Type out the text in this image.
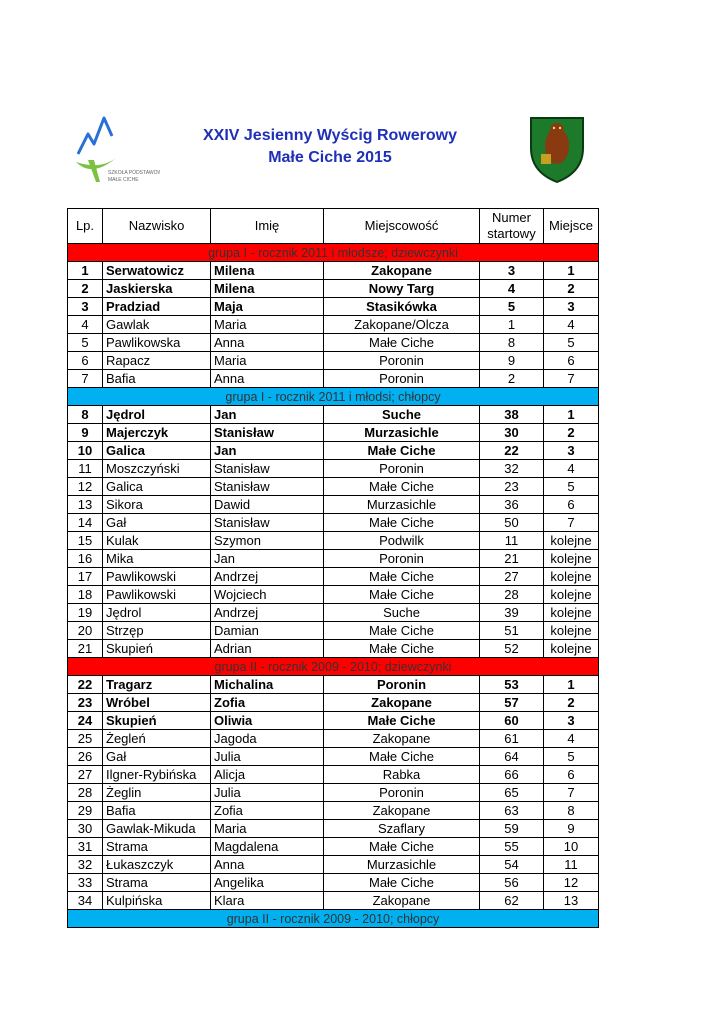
SZKOŁA PODSTAWOWA
MAŁE CICHE
XXIV Jesienny Wyścig Rowerowy
Małe Ciche 2015
Lp.	Nazwisko	Imię	Miejscowość	Numer
startowy	Miejsce
grupa I - rocznik 2011 i młodsze; dziewczynki					
1	Serwatowicz	Milena	Zakopane	3	1
2	Jaskierska	Milena	Nowy Targ	4	2
3	Pradziad	Maja	Stasikówka	5	3
4	Gawlak	Maria	Zakopane/Olcza	1	4
5	Pawlikowska	Anna	Małe Ciche	8	5
6	Rapacz	Maria	Poronin	9	6
7	Bafia	Anna	Poronin	2	7
grupa I - rocznik 2011 i młodsi; chłopcy					
8	Jędrol	Jan	Suche	38	1
9	Majerczyk	Stanisław	Murzasichle	30	2
10	Galica	Jan	Małe Ciche	22	3
11	Moszczyński	Stanisław	Poronin	32	4
12	Galica	Stanisław	Małe Ciche	23	5
13	Sikora	Dawid	Murzasichle	36	6
14	Gał	Stanisław	Małe Ciche	50	7
15	Kulak	Szymon	Podwilk	11	kolejne
16	Mika	Jan	Poronin	21	kolejne
17	Pawlikowski	Andrzej	Małe Ciche	27	kolejne
18	Pawlikowski	Wojciech	Małe Ciche	28	kolejne
19	Jędrol	Andrzej	Suche	39	kolejne
20	Strzęp	Damian	Małe Ciche	51	kolejne
21	Skupień	Adrian	Małe Ciche	52	kolejne
grupa II - rocznik 2009 - 2010; dziewczynki					
22	Tragarz	Michalina	Poronin	53	1
23	Wróbel	Zofia	Zakopane	57	2
24	Skupień	Oliwia	Małe Ciche	60	3
25	Żegleń	Jagoda	Zakopane	61	4
26	Gał	Julia	Małe Ciche	64	5
27	Ilgner-Rybińska	Alicja	Rabka	66	6
28	Żeglin	Julia	Poronin	65	7
29	Bafia	Zofia	Zakopane	63	8
30	Gawlak-Mikuda	Maria	Szaflary	59	9
31	Strama	Magdalena	Małe Ciche	55	10
32	Łukaszczyk	Anna	Murzasichle	54	11
33	Strama	Angelika	Małe Ciche	56	12
34	Kulpińska	Klara	Zakopane	62	13
grupa II - rocznik 2009 - 2010; chłopcy					
